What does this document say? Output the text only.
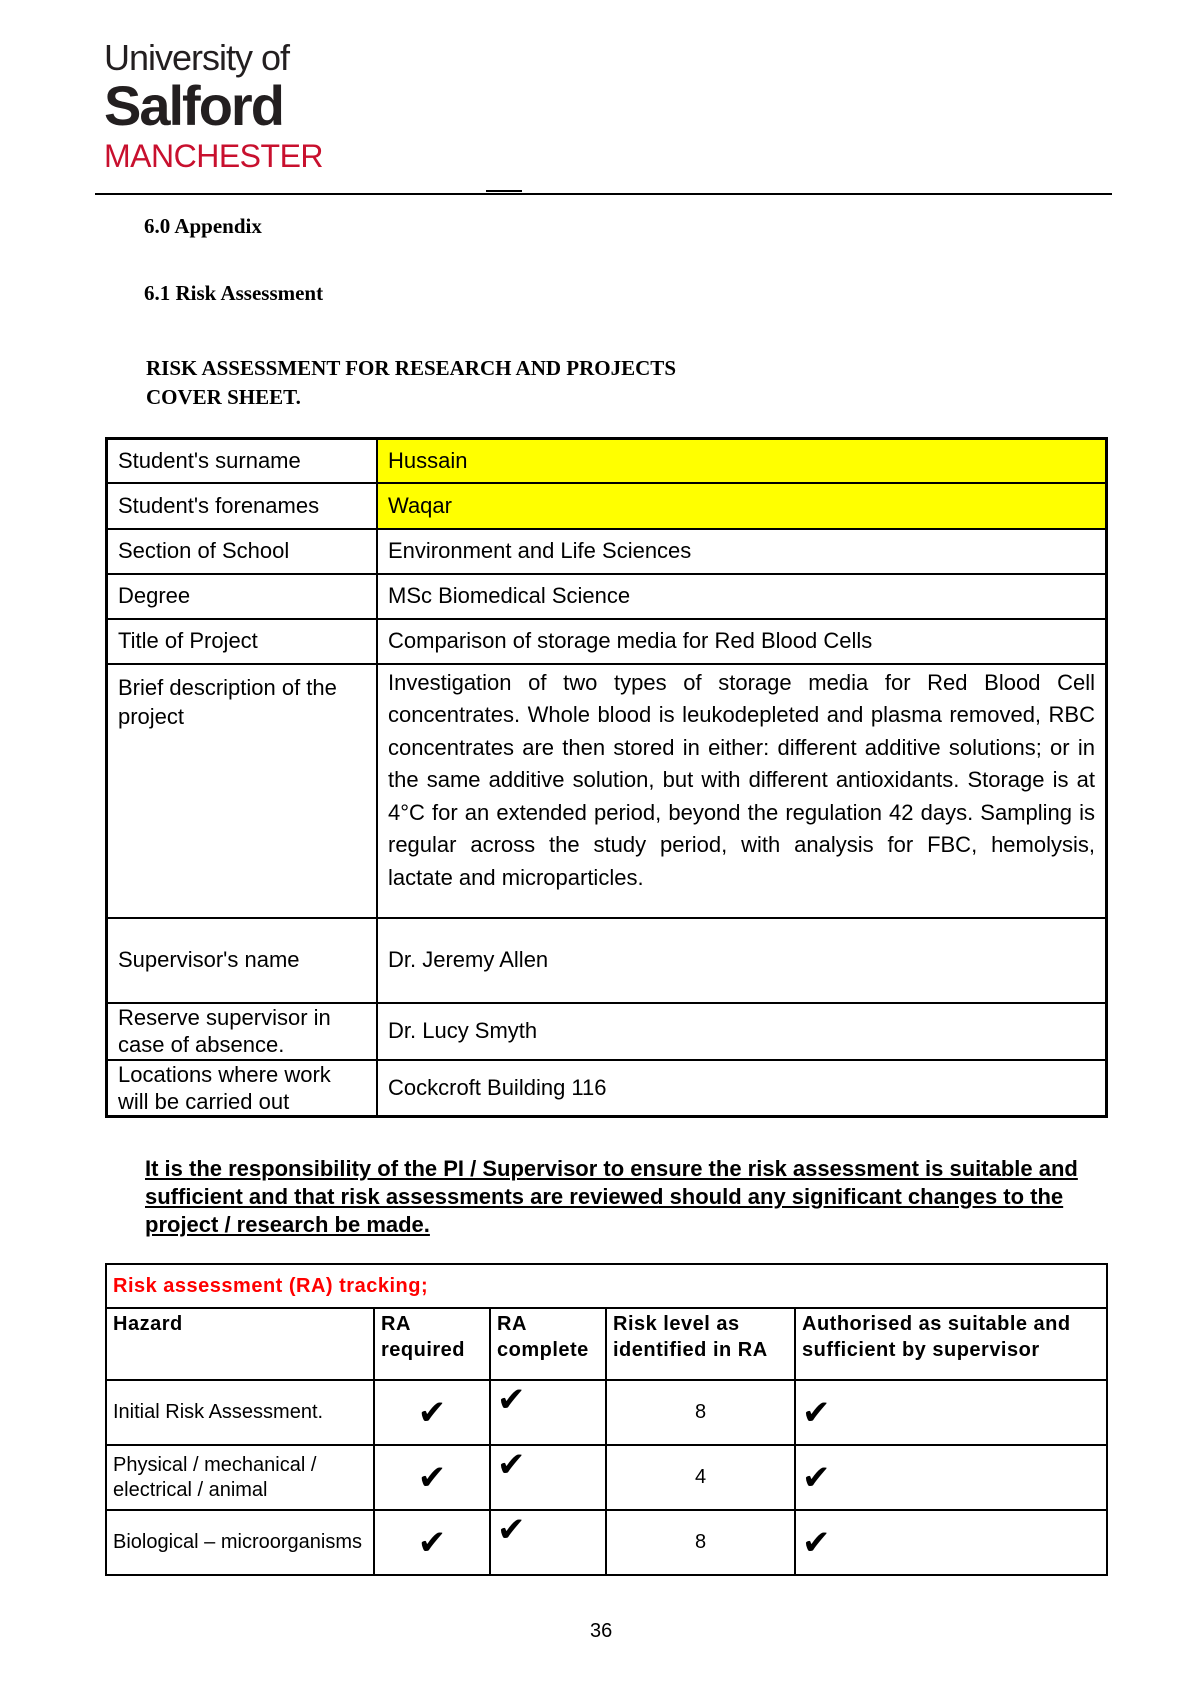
University of
Salford
MANCHESTER
6.0 Appendix
6.1 Risk Assessment
RISK ASSESSMENT FOR RESEARCH AND PROJECTS
COVER SHEET.
Student's surname	Hussain
Student's forenames	Waqar
Section of School	Environment and Life Sciences
Degree	MSc Biomedical Science
Title of Project	Comparison of storage media for Red Blood Cells
Brief description of the project	Investigation of two types of storage media for Red Blood Cell concentrates. Whole blood is leukodepleted and plasma removed, RBC concentrates are then stored in either: different additive solutions; or in the same additive solution, but with different antioxidants. Storage is at 4°C for an extended period, beyond the regulation 42 days. Sampling is regular across the study period, with analysis for FBC, hemolysis, lactate and microparticles.
Supervisor's name	Dr. Jeremy Allen
Reserve supervisor in case of absence.	Dr. Lucy Smyth
Locations where work will be carried out	Cockcroft Building 116
It is the responsibility of the PI / Supervisor to ensure the risk assessment is suitable and sufficient and that risk assessments are reviewed should any significant changes to the project / research be made.
Risk assessment (RA) tracking;				
Hazard	RA required	RA complete	Risk level as identified in RA	Authorised as suitable and sufficient by supervisor
Initial Risk Assessment.	✔	✔	8	✔
Physical / mechanical / electrical / animal	✔	✔	4	✔
Biological – microorganisms	✔	✔	8	✔
36
